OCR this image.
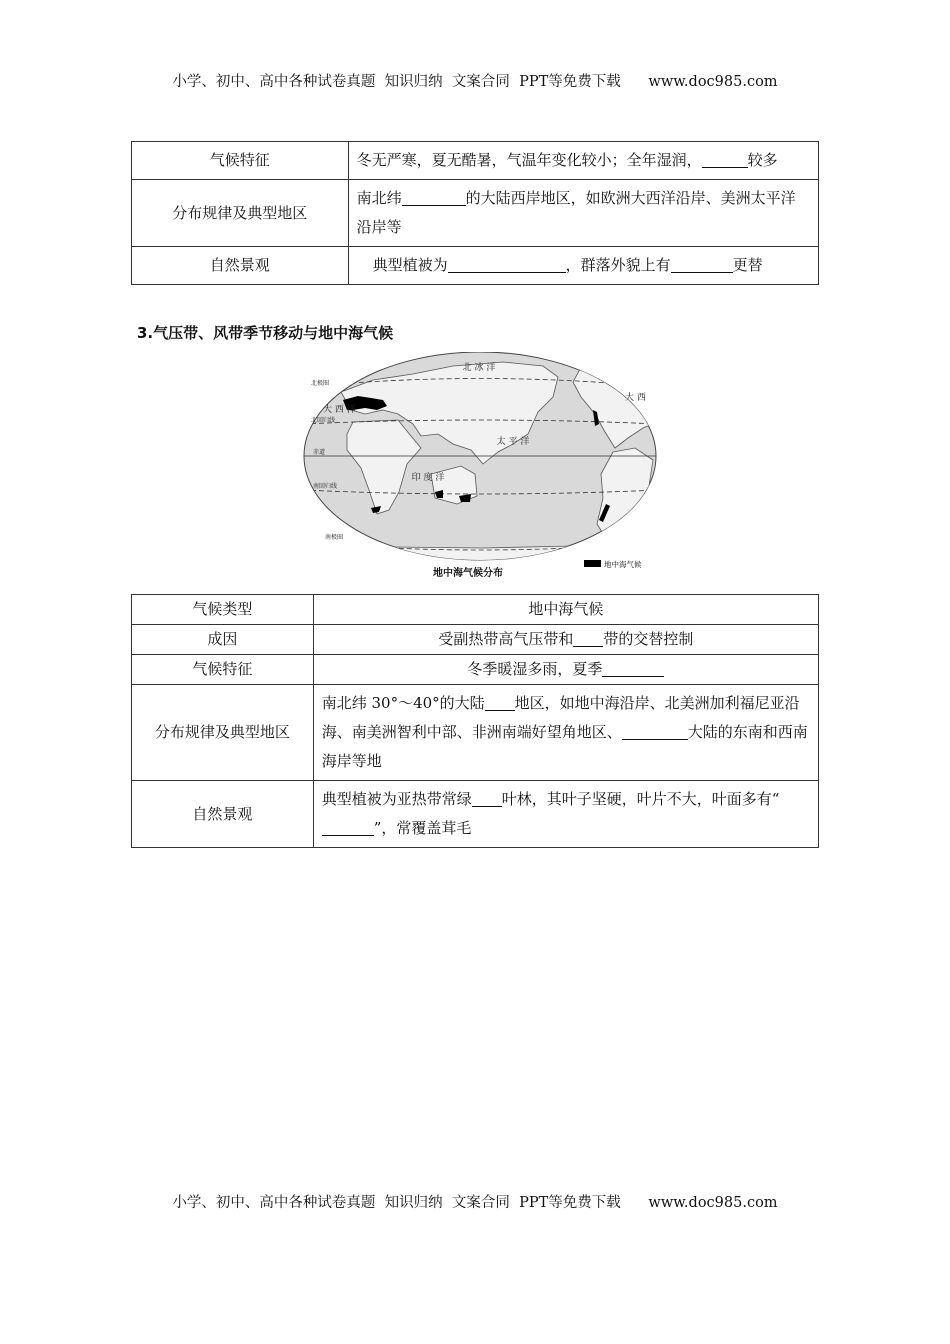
小学、初中、高中各种试卷真题  知识归纳  文案合同  PPT等免费下载      www.doc985.com
气候特征	冬无严寒，夏无酷暑，气温年变化较小；全年湿润， 较多
分布规律及典型地区	南北纬 的大陆西岸地区，如欧洲大西洋沿岸、美洲太平洋沿岸等
自然景观	典型植被为 ，群落外貌上有 更替
3.气压带、风带季节移动与地中海气候
北 冰 洋
太 平 洋
印 度 洋
大 西 洋
大 西
北极圈
北回归线
赤道
南回归线
南极圈
地中海气候
地中海气候分布
气候类型	地中海气候
成因	受副热带高气压带和 带的交替控制
气候特征	冬季暖湿多雨，夏季
分布规律及典型地区	南北纬 30°～40°的大陆 地区，如地中海沿岸、北美洲加利福尼亚沿海、南美洲智利中部、非洲南端好望角地区、 大陆的东南和西南海岸等地
自然景观	典型植被为亚热带常绿 叶林，其叶子坚硬，叶片不大，叶面多有“”，常覆盖茸毛
小学、初中、高中各种试卷真题  知识归纳  文案合同  PPT等免费下载      www.doc985.com
